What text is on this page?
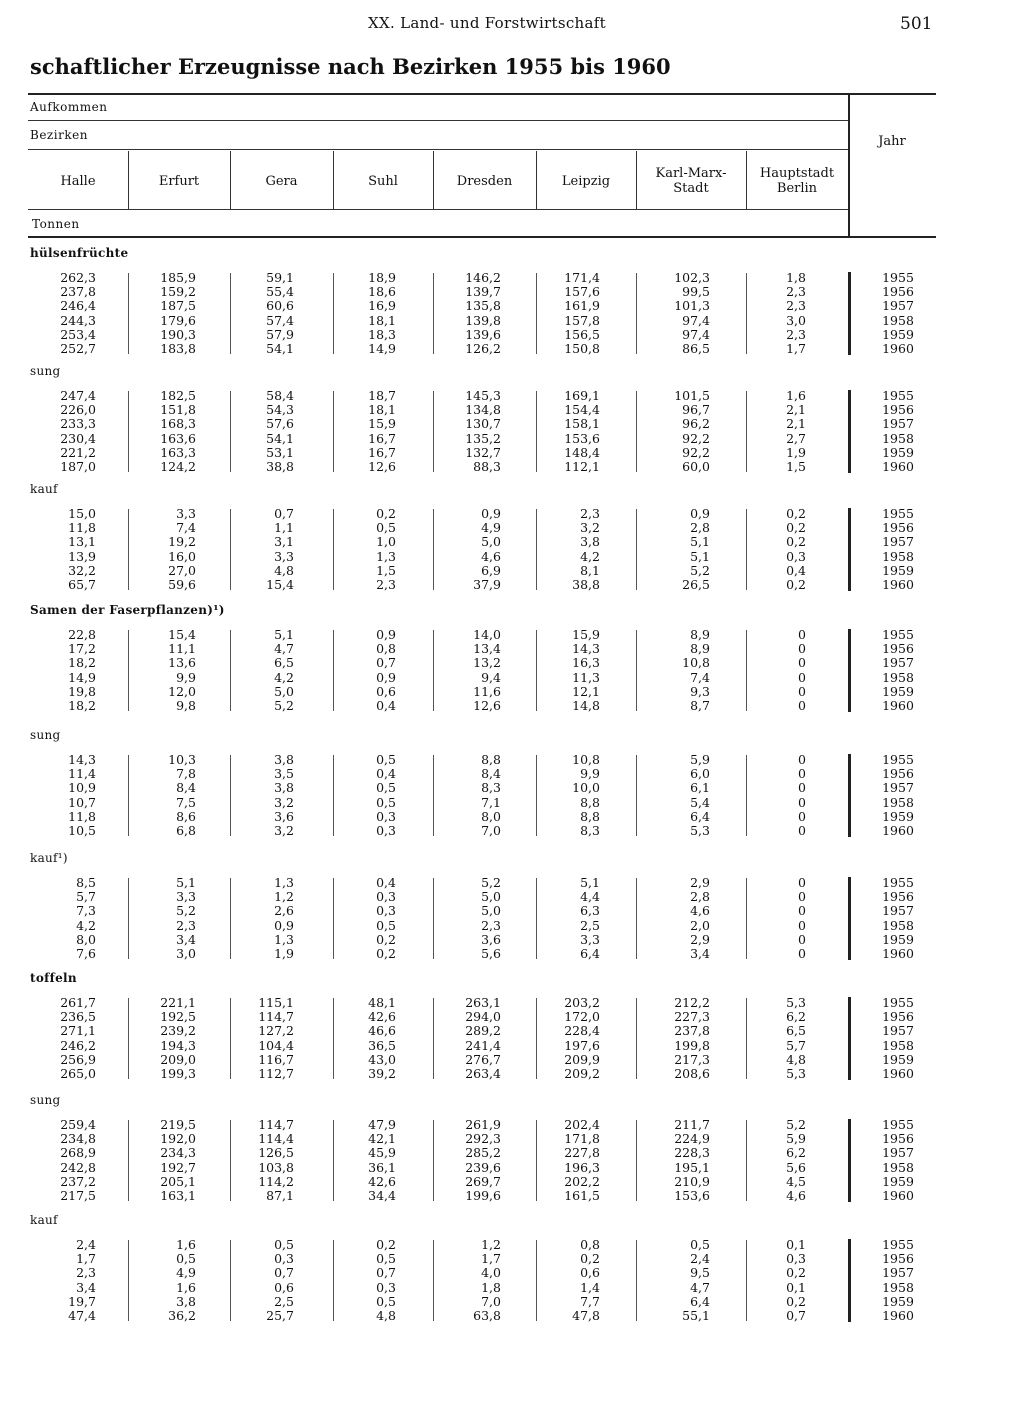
XX. Land- und Forstwirtschaft	501
schaftlicher Erzeugnisse nach Bezirken 1955 bis 1960
Aufkommen
Bezirken
Tonnen
Halle	Erfurt	Gera	Suhl	Dresden	Leipzig	Karl-Marx-
Stadt
Hauptstadt
Berlin
Jahr
hülsenfrüchte
262,3	185,9	59,1	18,9	146,2	171,4	102,3	1,8	1955
237,8	159,2	55,4	18,6	139,7	157,6	99,5	2,3	1956
246,4	187,5	60,6	16,9	135,8	161,9	101,3	2,3	1957
244,3	179,6	57,4	18,1	139,8	157,8	97,4	3,0	1958
253,4	190,3	57,9	18,3	139,6	156,5	97,4	2,3	1959
252,7	183,8	54,1	14,9	126,2	150,8	86,5	1,7	1960
sung
247,4	182,5	58,4	18,7	145,3	169,1	101,5	1,6	1955
226,0	151,8	54,3	18,1	134,8	154,4	96,7	2,1	1956
233,3	168,3	57,6	15,9	130,7	158,1	96,2	2,1	1957
230,4	163,6	54,1	16,7	135,2	153,6	92,2	2,7	1958
221,2	163,3	53,1	16,7	132,7	148,4	92,2	1,9	1959
187,0	124,2	38,8	12,6	88,3	112,1	60,0	1,5	1960
kauf
15,0	3,3	0,7	0,2	0,9	2,3	0,9	0,2	1955
11,8	7,4	1,1	0,5	4,9	3,2	2,8	0,2	1956
13,1	19,2	3,1	1,0	5,0	3,8	5,1	0,2	1957
13,9	16,0	3,3	1,3	4,6	4,2	5,1	0,3	1958
32,2	27,0	4,8	1,5	6,9	8,1	5,2	0,4	1959
65,7	59,6	15,4	2,3	37,9	38,8	26,5	0,2	1960
Samen der Faserpflanzen)¹)
22,8	15,4	5,1	0,9	14,0	15,9	8,9	0	1955
17,2	11,1	4,7	0,8	13,4	14,3	8,9	0	1956
18,2	13,6	6,5	0,7	13,2	16,3	10,8	0	1957
14,9	9,9	4,2	0,9	9,4	11,3	7,4	0	1958
19,8	12,0	5,0	0,6	11,6	12,1	9,3	0	1959
18,2	9,8	5,2	0,4	12,6	14,8	8,7	0	1960
sung
14,3	10,3	3,8	0,5	8,8	10,8	5,9	0	1955
11,4	7,8	3,5	0,4	8,4	9,9	6,0	0	1956
10,9	8,4	3,8	0,5	8,3	10,0	6,1	0	1957
10,7	7,5	3,2	0,5	7,1	8,8	5,4	0	1958
11,8	8,6	3,6	0,3	8,0	8,8	6,4	0	1959
10,5	6,8	3,2	0,3	7,0	8,3	5,3	0	1960
kauf¹)
8,5	5,1	1,3	0,4	5,2	5,1	2,9	0	1955
5,7	3,3	1,2	0,3	5,0	4,4	2,8	0	1956
7,3	5,2	2,6	0,3	5,0	6,3	4,6	0	1957
4,2	2,3	0,9	0,5	2,3	2,5	2,0	0	1958
8,0	3,4	1,3	0,2	3,6	3,3	2,9	0	1959
7,6	3,0	1,9	0,2	5,6	6,4	3,4	0	1960
toffeln
261,7	221,1	115,1	48,1	263,1	203,2	212,2	5,3	1955
236,5	192,5	114,7	42,6	294,0	172,0	227,3	6,2	1956
271,1	239,2	127,2	46,6	289,2	228,4	237,8	6,5	1957
246,2	194,3	104,4	36,5	241,4	197,6	199,8	5,7	1958
256,9	209,0	116,7	43,0	276,7	209,9	217,3	4,8	1959
265,0	199,3	112,7	39,2	263,4	209,2	208,6	5,3	1960
sung
259,4	219,5	114,7	47,9	261,9	202,4	211,7	5,2	1955
234,8	192,0	114,4	42,1	292,3	171,8	224,9	5,9	1956
268,9	234,3	126,5	45,9	285,2	227,8	228,3	6,2	1957
242,8	192,7	103,8	36,1	239,6	196,3	195,1	5,6	1958
237,2	205,1	114,2	42,6	269,7	202,2	210,9	4,5	1959
217,5	163,1	87,1	34,4	199,6	161,5	153,6	4,6	1960
kauf
2,4	1,6	0,5	0,2	1,2	0,8	0,5	0,1	1955
1,7	0,5	0,3	0,5	1,7	0,2	2,4	0,3	1956
2,3	4,9	0,7	0,7	4,0	0,6	9,5	0,2	1957
3,4	1,6	0,6	0,3	1,8	1,4	4,7	0,1	1958
19,7	3,8	2,5	0,5	7,0	7,7	6,4	0,2	1959
47,4	36,2	25,7	4,8	63,8	47,8	55,1	0,7	1960
